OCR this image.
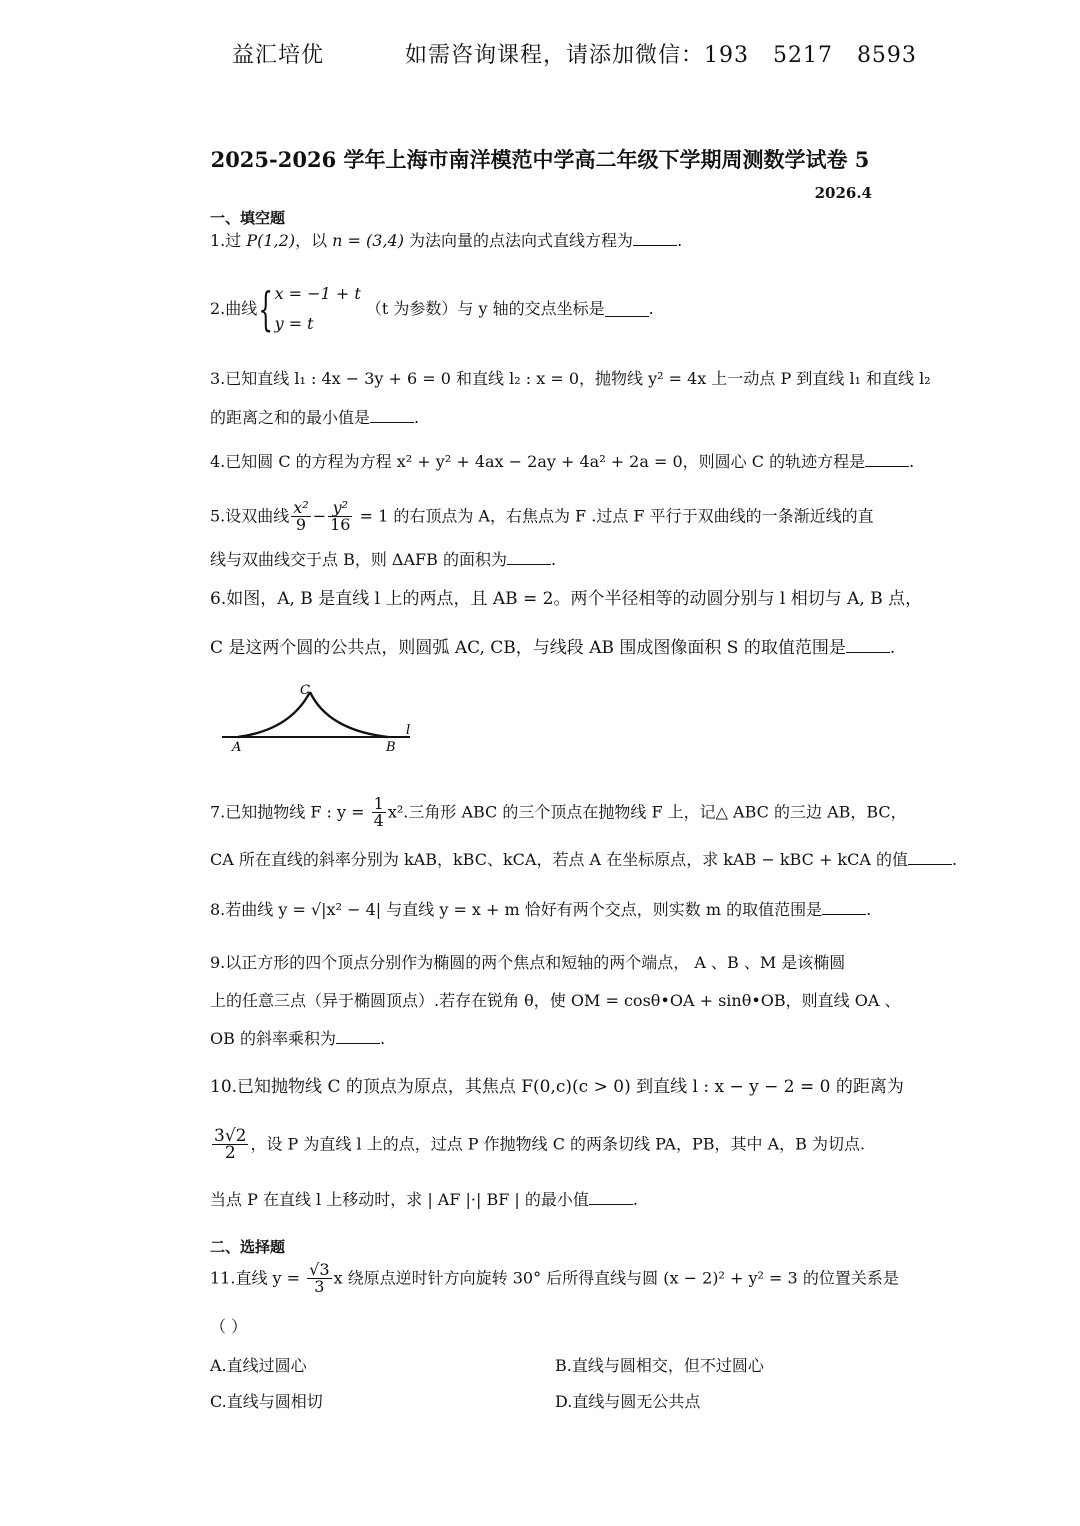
益汇培优	如需咨询课程，请添加微信：193   5217   8593
2025-2026 学年上海市南洋模范中学高二年级下学期周测数学试卷 5
2026.4
一、填空题
1.过 P(1,2)，以 n = (3,4) 为法向量的点法向式直线方程为	.
2.曲线{ x = −1 + t
y = t
（t 为参数）与 y 轴的交点坐标是	.
3.已知直线 l₁ : 4x − 3y + 6 = 0 和直线 l₂ : x = 0，抛物线 y² = 4x 上一动点 P 到直线 l₁ 和直线 l₂
的距离之和的最小值是	.
4.已知圆 C 的方程为方程 x² + y² + 4ax − 2ay + 4a² + 2a = 0，则圆心 C 的轨迹方程是	.
5.设双曲线 $\frac{\text{x²}}{9} - \frac{\text{y²}}{16} = 1$ 的右顶点为 A，右焦点为 F .过点 F 平行于双曲线的一条渐近线的直
线与双曲线交于点 B，则 ΔAFB 的面积为	.
6.如图，A, B 是直线 l 上的两点，且 AB = 2。两个半径相等的动圆分别与 l 相切与 A, B 点，
C 是这两个圆的公共点，则圆弧 AC, CB，与线段 AB 围成图像面积 S 的取值范围是	.
C
A	B
l
7.已知抛物线 F : $y = \frac{1}{4} x^2$.三角形 ABC 的三个顶点在抛物线 F 上，记△ ABC 的三边 AB，BC，
CA 所在直线的斜率分别为 kAB，kBC、kCA，若点 A 在坐标原点，求 kAB − kBC + kCA 的值	.
8.若曲线 y = √|x² − 4| 与直线 y = x + m 恰好有两个交点，则实数 m 的取值范围是	.
9.以正方形的四个顶点分别作为椭圆的两个焦点和短轴的两个端点， A 、B 、M 是该椭圆
上的任意三点（异于椭圆顶点）.若存在锐角 θ，使 OM = cosθ•OA + sinθ•OB，则直线 OA 、
OB 的斜率乘积为	.
10.已知抛物线 C 的顶点为原点，其焦点 F(0,c)(c > 0) 到直线 l : x − y − 2 = 0 的距离为
$\frac{3√2}{2}$ ，设 P 为直线 l 上的点，过点 P 作抛物线 C 的两条切线 PA，PB，其中 A，B 为切点.
当点 P 在直线 l 上移动时，求 | AF |·| BF | 的最小值	.
二、选择题
11.直线 $y = \frac{√3}{3}$ x 绕原点逆时针方向旋转 30° 后所得直线与圆 (x − 2)² + y² = 3 的位置关系是
（ ）
A.直线过圆心	B.直线与圆相交，但不过圆心
C.直线与圆相切	D.直线与圆无公共点
